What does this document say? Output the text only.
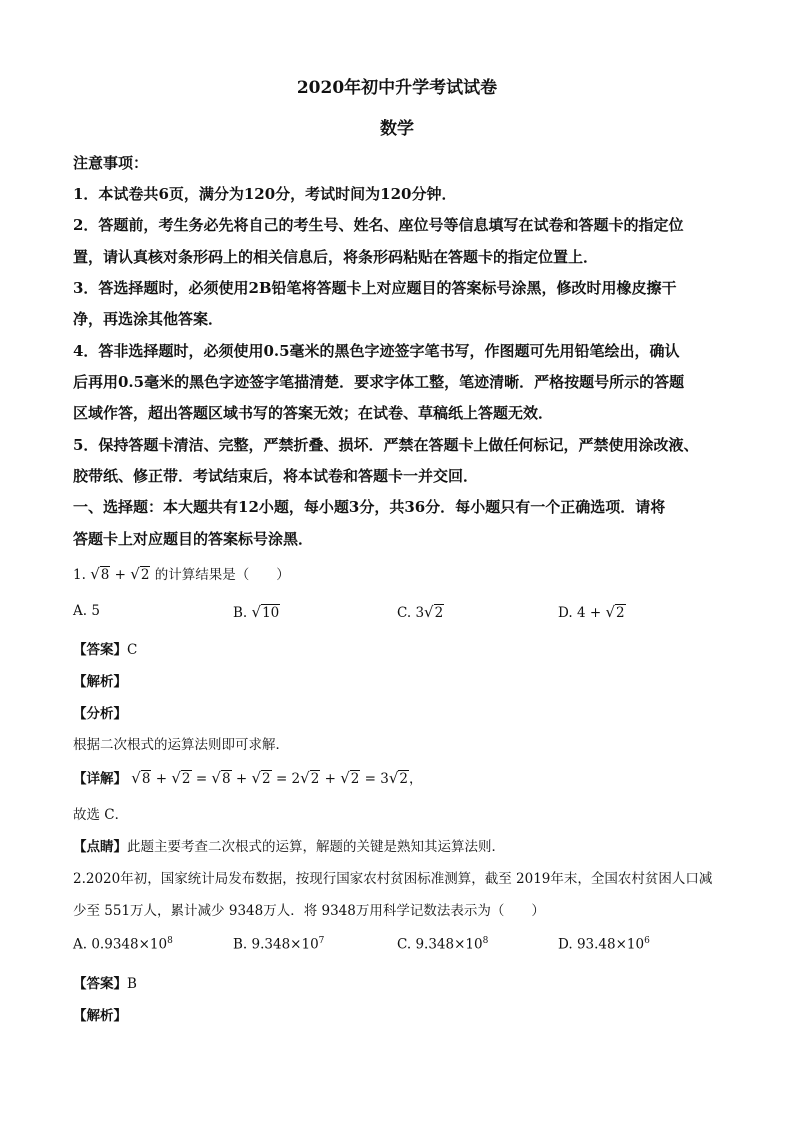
2020年初中升学考试试卷
数学
注意事项：
1．本试卷共6页，满分为120分，考试时间为120分钟．
2．答题前，考生务必先将自己的考生号、姓名、座位号等信息填写在试卷和答题卡的指定位
置，请认真核对条形码上的相关信息后，将条形码粘贴在答题卡的指定位置上．
3．答选择题时，必须使用2B铅笔将答题卡上对应题目的答案标号涂黑，修改时用橡皮擦干
净，再选涂其他答案．
4．答非选择题时，必须使用0.5毫米的黑色字迹签字笔书写，作图题可先用铅笔绘出，确认
后再用0.5毫米的黑色字迹签字笔描清楚．要求字体工整，笔迹清晰．严格按题号所示的答题
区域作答，超出答题区域书写的答案无效；在试卷、草稿纸上答题无效．
5．保持答题卡清洁、完整，严禁折叠、损坏．严禁在答题卡上做任何标记，严禁使用涂改液、
胶带纸、修正带．考试结束后，将本试卷和答题卡一并交回．
一、选择题：本大题共有12小题，每小题3分，共36分．每小题只有一个正确选项．请将
答题卡上对应题目的答案标号涂黑．
1. √8 + √2 的计算结果是（　　）
A. 5	B. √10	C. 3√2	D. 4 + √2
【答案】C
【解析】
【分析】
根据二次根式的运算法则即可求解．
【详解】 √8 + √2 = √8 + √2 = 2√2 + √2 = 3√2，
故选 C．
【点睛】此题主要考查二次根式的运算，解题的关键是熟知其运算法则．
2.2020年初，国家统计局发布数据，按现行国家农村贫困标准测算，截至 2019年末，全国农村贫困人口减
少至 551万人，累计减少 9348万人．将 9348万用科学记数法表示为（　　）
A. $0.9348\times 10^8$	B. $9.348\times 10^7$	C. $9.348\times 10^8$	D. $93.48\times 10^6$
【答案】B
【解析】
